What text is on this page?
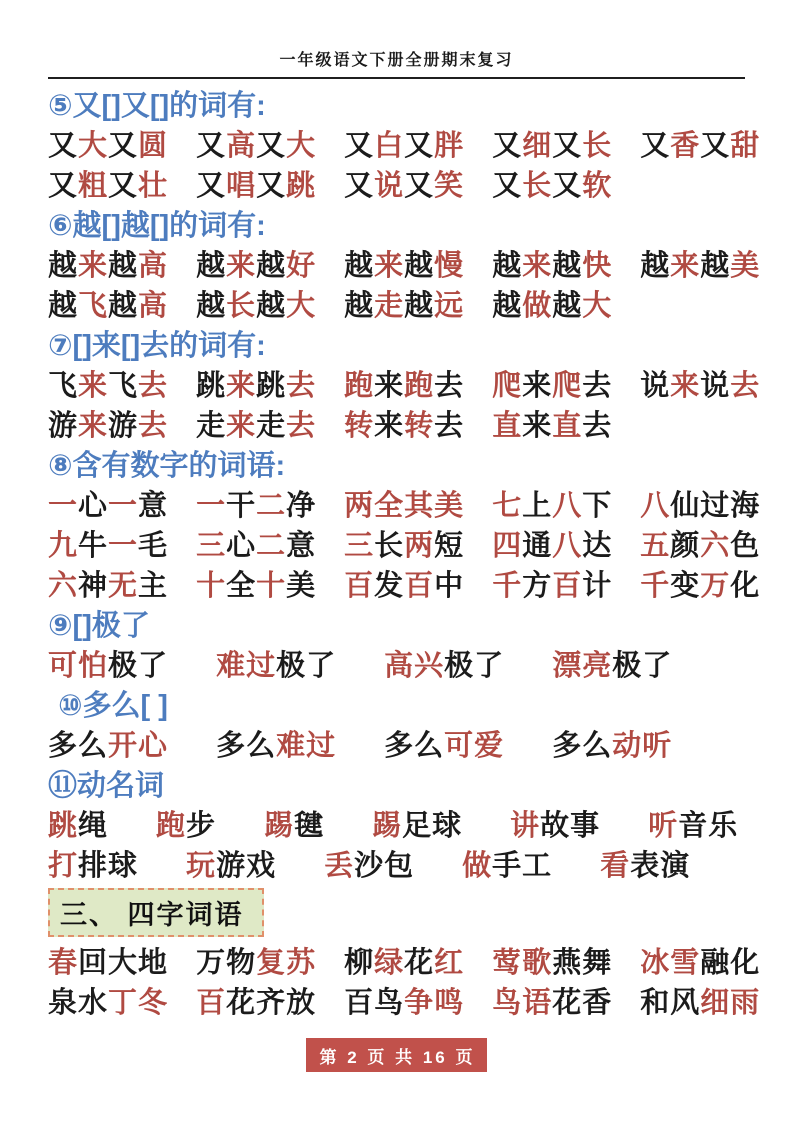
一年级语文下册全册期末复习
⑤又[]又[]的词有:
又大又圆 又高又大 又白又胖 又细又长 又香又甜
又粗又壮 又唱又跳 又说又笑 又长又软
⑥越[]越[]的词有:
越来越高 越来越好 越来越慢 越来越快 越来越美
越飞越高 越长越大 越走越远 越做越大
⑦[]来[]去的词有:
飞来飞去 跳来跳去 跑来跑去 爬来爬去 说来说去
游来游去 走来走去 转来转去 直来直去
⑧含有数字的词语:
一心一意 一干二净 两全其美 七上八下 八仙过海
九牛一毛 三心二意 三长两短 四通八达 五颜六色
六神无主 十全十美 百发百中 千方百计 千变万化
⑨[]极了
可怕极了 难过极了 高兴极了 漂亮极了
⑩多么[ ]
多么开心 多么难过 多么可爱 多么动听
⑪动名词
跳绳 跑步 踢毽 踢足球 讲故事 听音乐
打排球 玩游戏 丢沙包 做手工 看表演
三、 四字词语
春回大地 万物复苏 柳绿花红 莺歌燕舞 冰雪融化
泉水丁冬 百花齐放 百鸟争鸣 鸟语花香 和风细雨
第 2 页 共 16 页
